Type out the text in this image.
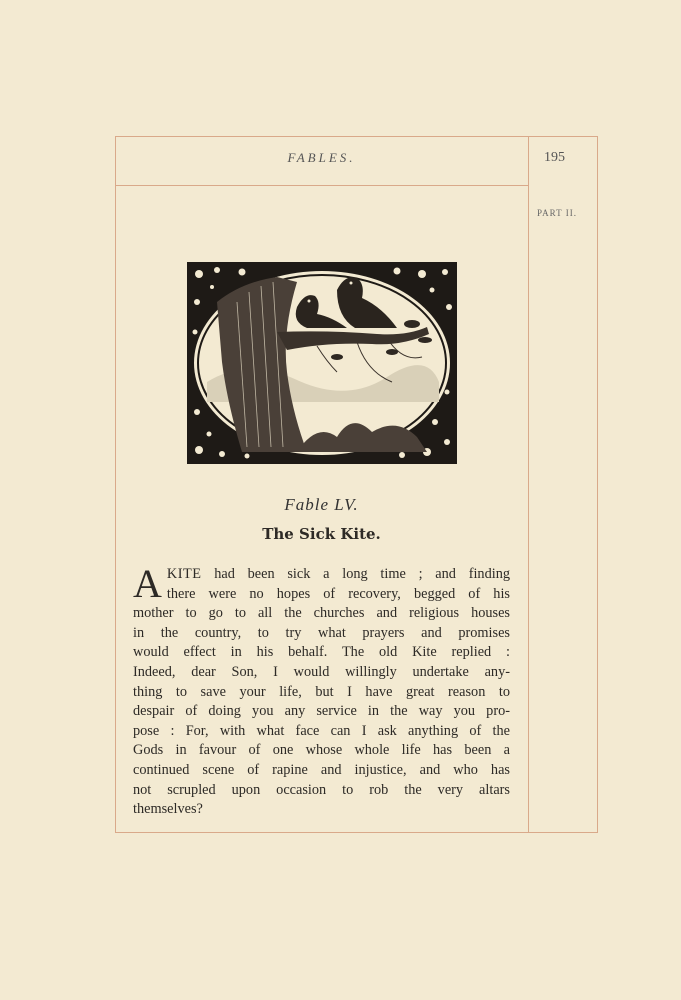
FABLES.	195
PART II.
Fable LV.
The Sick Kite.
A KITE had been sick a long time ; and finding
there were no hopes of recovery, begged of his
mother to go to all the churches and religious houses
in the country, to try what prayers and promises
would effect in his behalf. The old Kite replied :
Indeed, dear Son, I would willingly undertake any-
thing to save your life, but I have great reason to
despair of doing you any service in the way you pro-
pose : For, with what face can I ask anything of the
Gods in favour of one whose whole life has been a
continued scene of rapine and injustice, and who has
not scrupled upon occasion to rob the very altars
themselves?
